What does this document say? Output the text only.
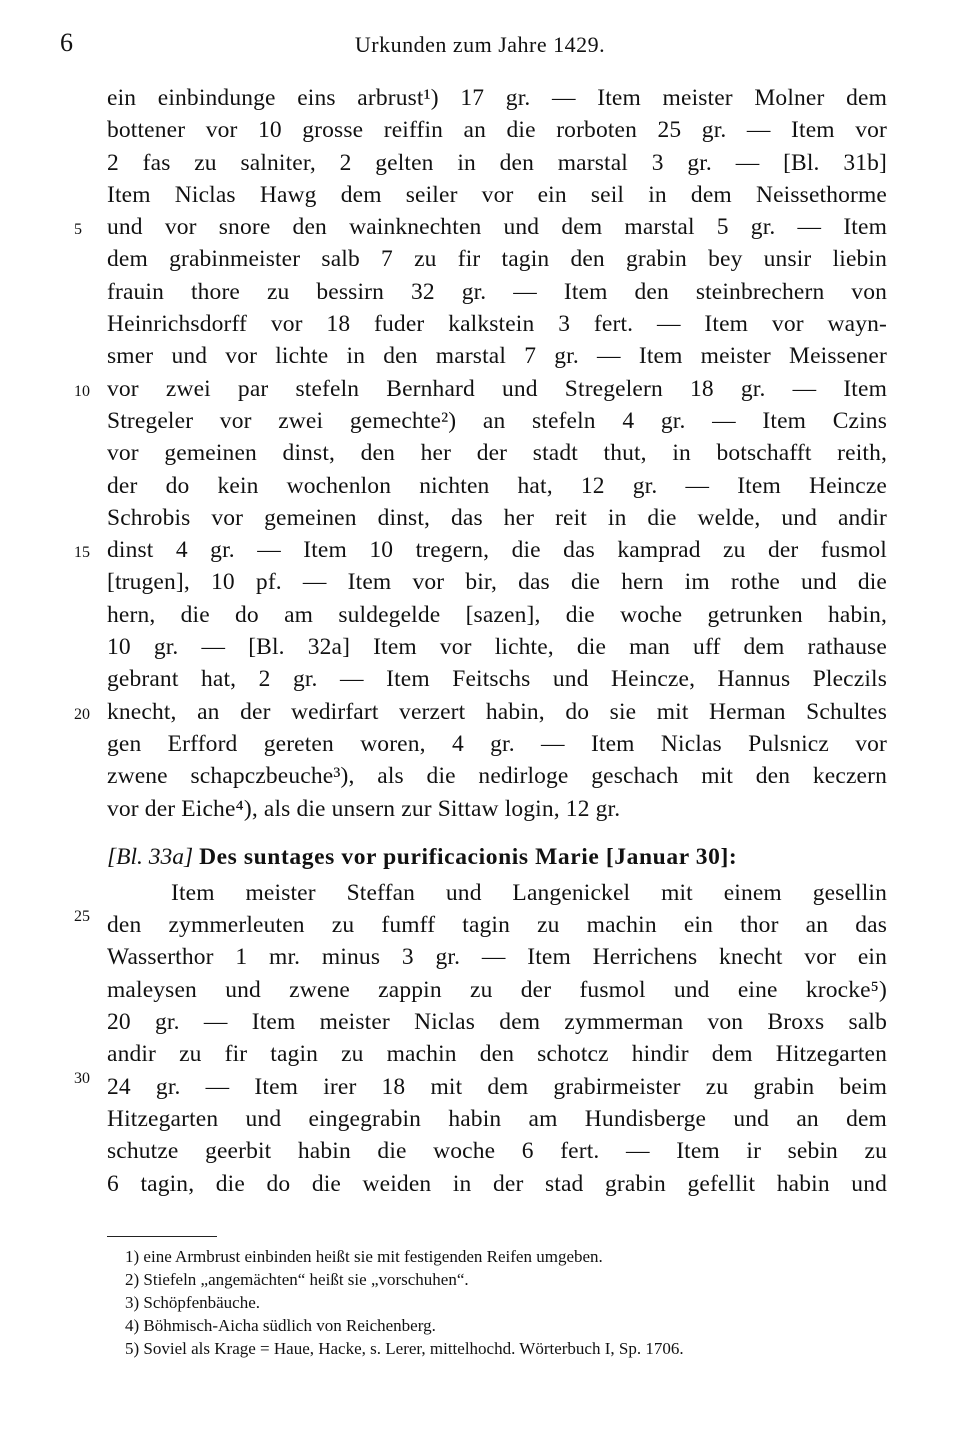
6	Urkunden zum Jahre 1429.
5
10
15
20
25
30
ein einbindunge eins arbrust¹) 17 gr. — Item meister Molner dem
bottener vor 10 grosse reiffin an die rorboten 25 gr. — Item vor
2 fas zu salniter, 2 gelten in den marstal 3 gr. — [Bl. 31b]
Item Niclas Hawg dem seiler vor ein seil in dem Neissethorme
und vor snore den wainknechten und dem marstal 5 gr. — Item
dem grabinmeister salb 7 zu fir tagin den grabin bey unsir liebin
frauin thore zu bessirn 32 gr. — Item den steinbrechern von
Heinrichsdorff vor 18 fuder kalkstein 3 fert. — Item vor wayn-
smer und vor lichte in den marstal 7 gr. — Item meister Meissener
vor zwei par stefeln Bernhard und Stregelern 18 gr. — Item
Stregeler vor zwei gemechte²) an stefeln 4 gr. — Item Czins
vor gemeinen dinst, den her der stadt thut, in botschafft reith,
der do kein wochenlon nichten hat, 12 gr. — Item Heincze
Schrobis vor gemeinen dinst, das her reit in die welde, und andir
dinst 4 gr. — Item 10 tregern, die das kamprad zu der fusmol
[trugen], 10 pf. — Item vor bir, das die hern im rothe und die
hern, die do am suldegelde [sazen], die woche getrunken habin,
10 gr. — [Bl. 32a] Item vor lichte, die man uff dem rathause
gebrant hat, 2 gr. — Item Feitschs und Heincze, Hannus Pleczils
knecht, an der wedirfart verzert habin, do sie mit Herman Schultes
gen Erfford gereten woren, 4 gr. — Item Niclas Pulsnicz vor
zwene schapczbeuche³), als die nedirloge geschach mit den keczern
vor der Eiche⁴), als die unsern zur Sittaw login, 12 gr.
[Bl. 33a] Des suntages vor purificacionis Marie [Januar 30]:
Item meister Steffan und Langenickel mit einem gesellin
den zymmerleuten zu fumff tagin zu machin ein thor an das
Wasserthor 1 mr. minus 3 gr. — Item Herrichens knecht vor ein
maleysen und zwene zappin zu der fusmol und eine krocke⁵)
20 gr. — Item meister Niclas dem zymmerman von Broxs salb
andir zu fir tagin zu machin den schotcz hindir dem Hitzegarten
24 gr. — Item irer 18 mit dem grabirmeister zu grabin beim
Hitzegarten und eingegrabin habin am Hundisberge und an dem
schutze geerbit habin die woche 6 fert. — Item ir sebin zu
6 tagin, die do die weiden in der stad grabin gefellit habin und
1) eine Armbrust einbinden heißt sie mit festigenden Reifen umgeben.
2) Stiefeln „angemächten“ heißt sie „vorschuhen“.
3) Schöpfenbäuche.
4) Böhmisch-Aicha südlich von Reichenberg.
5) Soviel als Krage = Haue, Hacke, s. Lerer, mittelhochd. Wörterbuch I, Sp. 1706.
